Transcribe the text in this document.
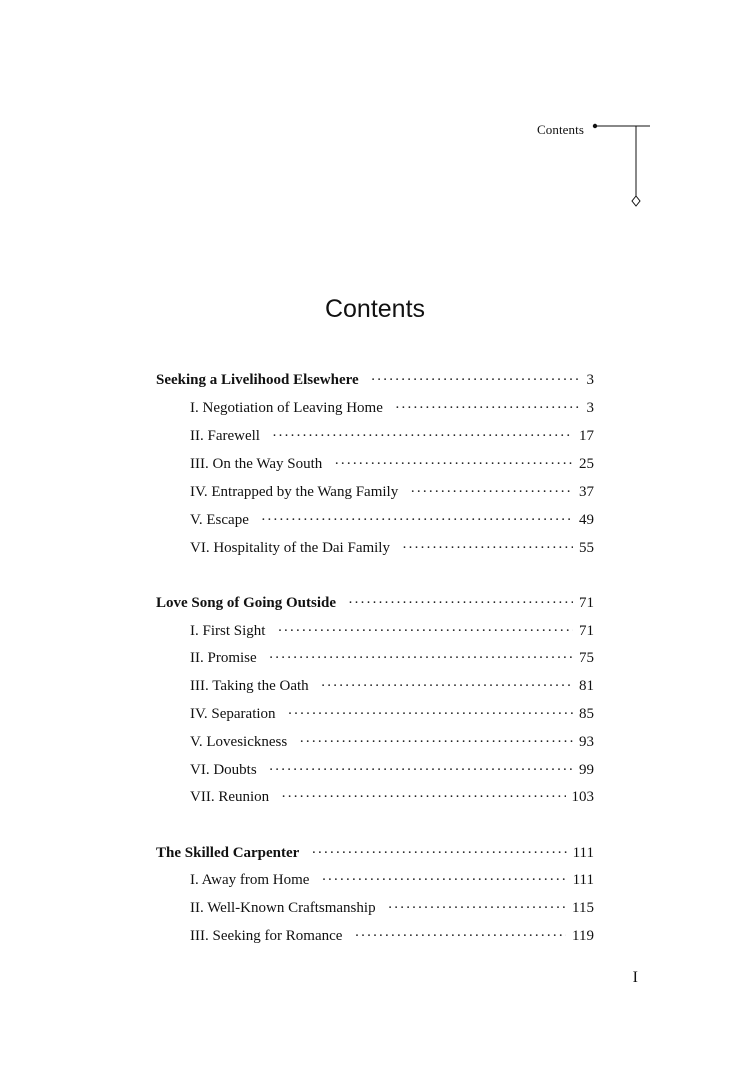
Contents
Contents
Seeking a Livelihood Elsewhere ·····	3
I. Negotiation of Leaving Home ·····	3
II. Farewell ·····	17
III. On the Way South ·····	25
IV. Entrapped by the Wang Family ·····	37
V. Escape ·····	49
VI. Hospitality of the Dai Family ·····	55
Love Song of Going Outside ·····	71
I. First Sight ·····	71
II. Promise ·····	75
III. Taking the Oath ·····	81
IV. Separation ·····	85
V. Lovesickness ·····	93
VI. Doubts ·····	99
VII. Reunion ·····	103
The Skilled Carpenter ·····	111
I. Away from Home ·····	111
II. Well-Known Craftsmanship ·····	115
III. Seeking for Romance ·····	119
I
